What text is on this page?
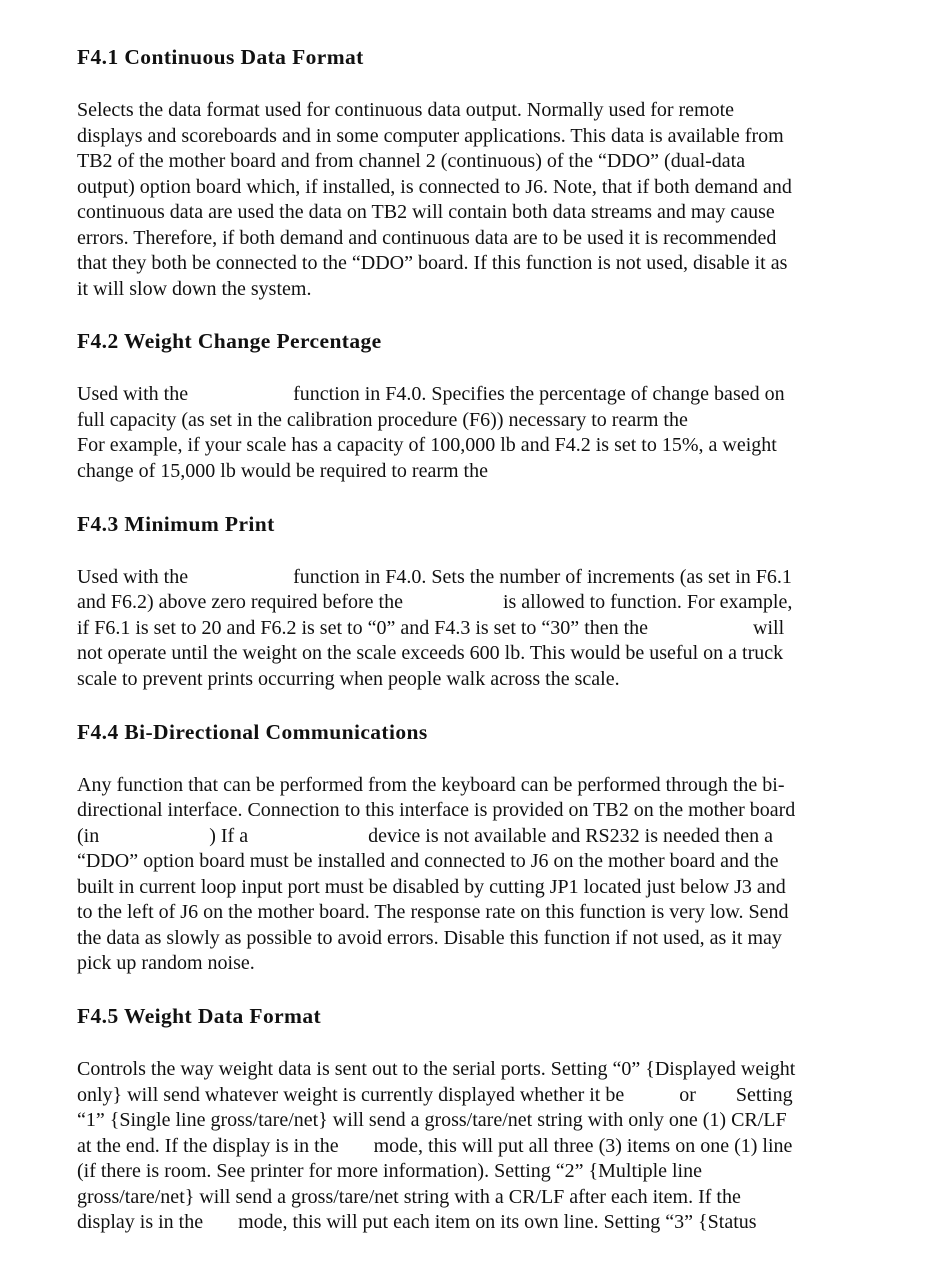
F4.1 Continuous Data Format
Selects the data format used for continuous data output. Normally used for remote
displays and scoreboards and in some computer applications. This data is available from
TB2 of the mother board and from channel 2 (continuous) of the “DDO” (dual-data
output) option board which, if installed, is connected to J6. Note, that if both demand and
continuous data are used the data on TB2 will contain both data streams and may cause
errors. Therefore, if both demand and continuous data are to be used it is recommended
that they both be connected to the “DDO” board. If this function is not used, disable it as
it will slow down the system.
F4.2 Weight Change Percentage
Used with the                     function in F4.0. Specifies the percentage of change based on
full capacity (as set in the calibration procedure (F6)) necessary to rearm the
For example, if your scale has a capacity of 100,000 lb and F4.2 is set to 15%, a weight
change of 15,000 lb would be required to rearm the
F4.3 Minimum Print
Used with the                     function in F4.0. Sets the number of increments (as set in F6.1
and F6.2) above zero required before the                    is allowed to function. For example,
if F6.1 is set to 20 and F6.2 is set to “0” and F4.3 is set to “30” then the                     will
not operate until the weight on the scale exceeds 600 lb. This would be useful on a truck
scale to prevent prints occurring when people walk across the scale.
F4.4 Bi-Directional Communications
Any function that can be performed from the keyboard can be performed through the bi-
directional interface. Connection to this interface is provided on TB2 on the mother board
(in                      ) If a                        device is not available and RS232 is needed then a
“DDO” option board must be installed and connected to J6 on the mother board and the
built in current loop input port must be disabled by cutting JP1 located just below J3 and
to the left of J6 on the mother board. The response rate on this function is very low. Send
the data as slowly as possible to avoid errors. Disable this function if not used, as it may
pick up random noise.
F4.5 Weight Data Format
Controls the way weight data is sent out to the serial ports. Setting “0” {Displayed weight
only} will send whatever weight is currently displayed whether it be           or        Setting
“1” {Single line gross/tare/net} will send a gross/tare/net string with only one (1) CR/LF
at the end. If the display is in the       mode, this will put all three (3) items on one (1) line
(if there is room. See printer for more information). Setting “2” {Multiple line
gross/tare/net} will send a gross/tare/net string with a CR/LF after each item. If the
display is in the       mode, this will put each item on its own line. Setting “3” {Status
